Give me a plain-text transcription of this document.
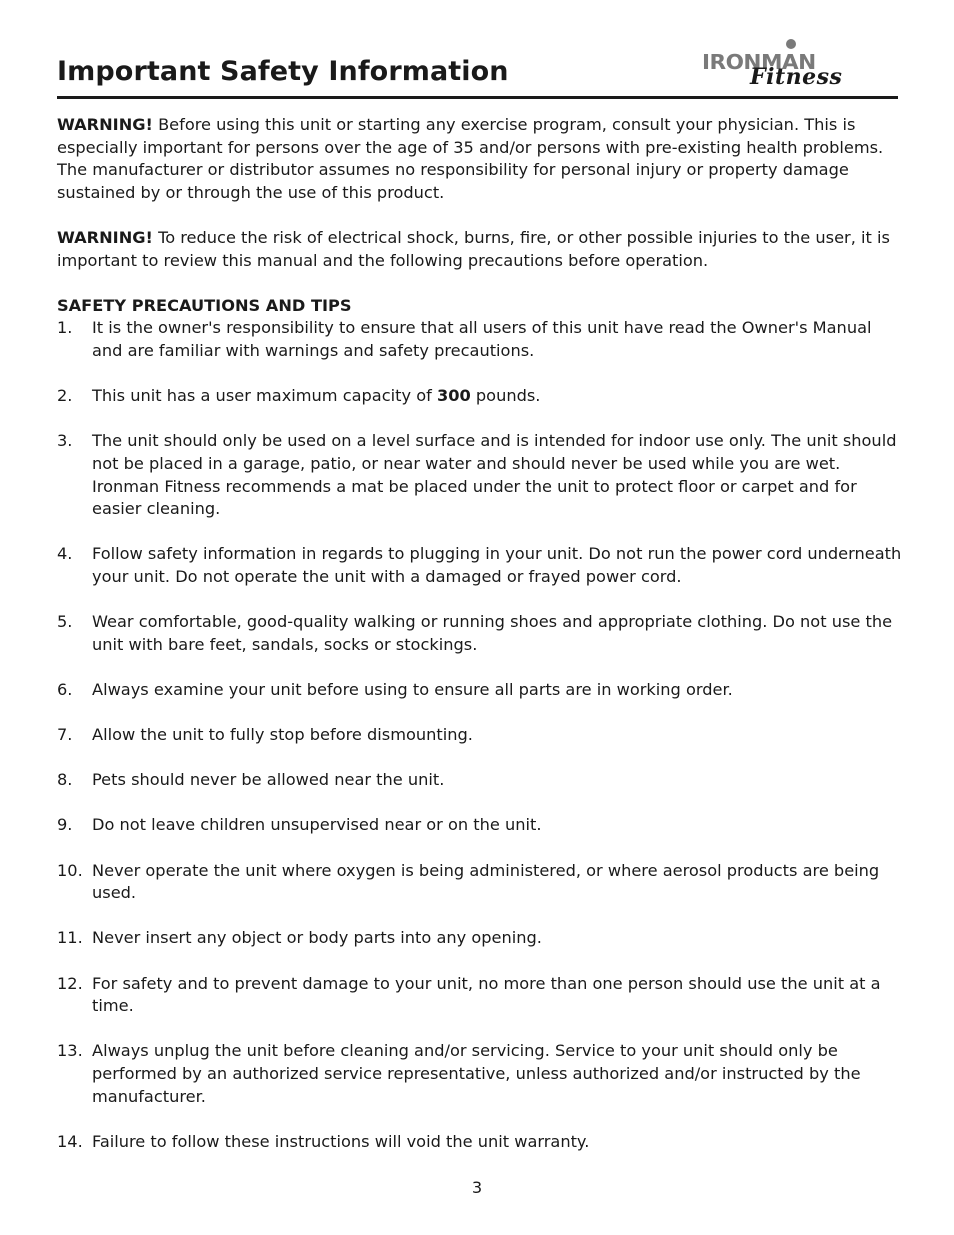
Important Safety Information	IRONMAN
Fitness

WARNING! Before using this unit or starting any exercise program, consult your physician. This is especially important for persons over the age of 35 and/or persons with pre-existing health problems. The manufacturer or distributor assumes no responsibility for personal injury or property damage sustained by or through the use of this product.

WARNING! To reduce the risk of electrical shock, burns, fire, or other possible injuries to the user, it is important to review this manual and the following precautions before operation.

SAFETY PRECAUTIONS AND TIPS

1. It is the owner's responsibility to ensure that all users of this unit have read the Owner's Manual and are familiar with warnings and safety precautions.
2. This unit has a user maximum capacity of 300 pounds.
3. The unit should only be used on a level surface and is intended for indoor use only. The unit should not be placed in a garage, patio, or near water and should never be used while you are wet. Ironman Fitness recommends a mat be placed under the unit to protect floor or carpet and for easier cleaning.
4. Follow safety information in regards to plugging in your unit. Do not run the power cord underneath your unit. Do not operate the unit with a damaged or frayed power cord.
5. Wear comfortable, good-quality walking or running shoes and appropriate clothing. Do not use the unit with bare feet, sandals, socks or stockings.
6. Always examine your unit before using to ensure all parts are in working order.
7. Allow the unit to fully stop before dismounting.
8. Pets should never be allowed near the unit.
9. Do not leave children unsupervised near or on the unit.
10. Never operate the unit where oxygen is being administered, or where aerosol products are being used.
11. Never insert any object or body parts into any opening.
12. For safety and to prevent damage to your unit, no more than one person should use the unit at a time.
13. Always unplug the unit before cleaning and/or servicing. Service to your unit should only be performed by an authorized service representative, unless authorized and/or instructed by the manufacturer.
14. Failure to follow these instructions will void the unit warranty.
3
